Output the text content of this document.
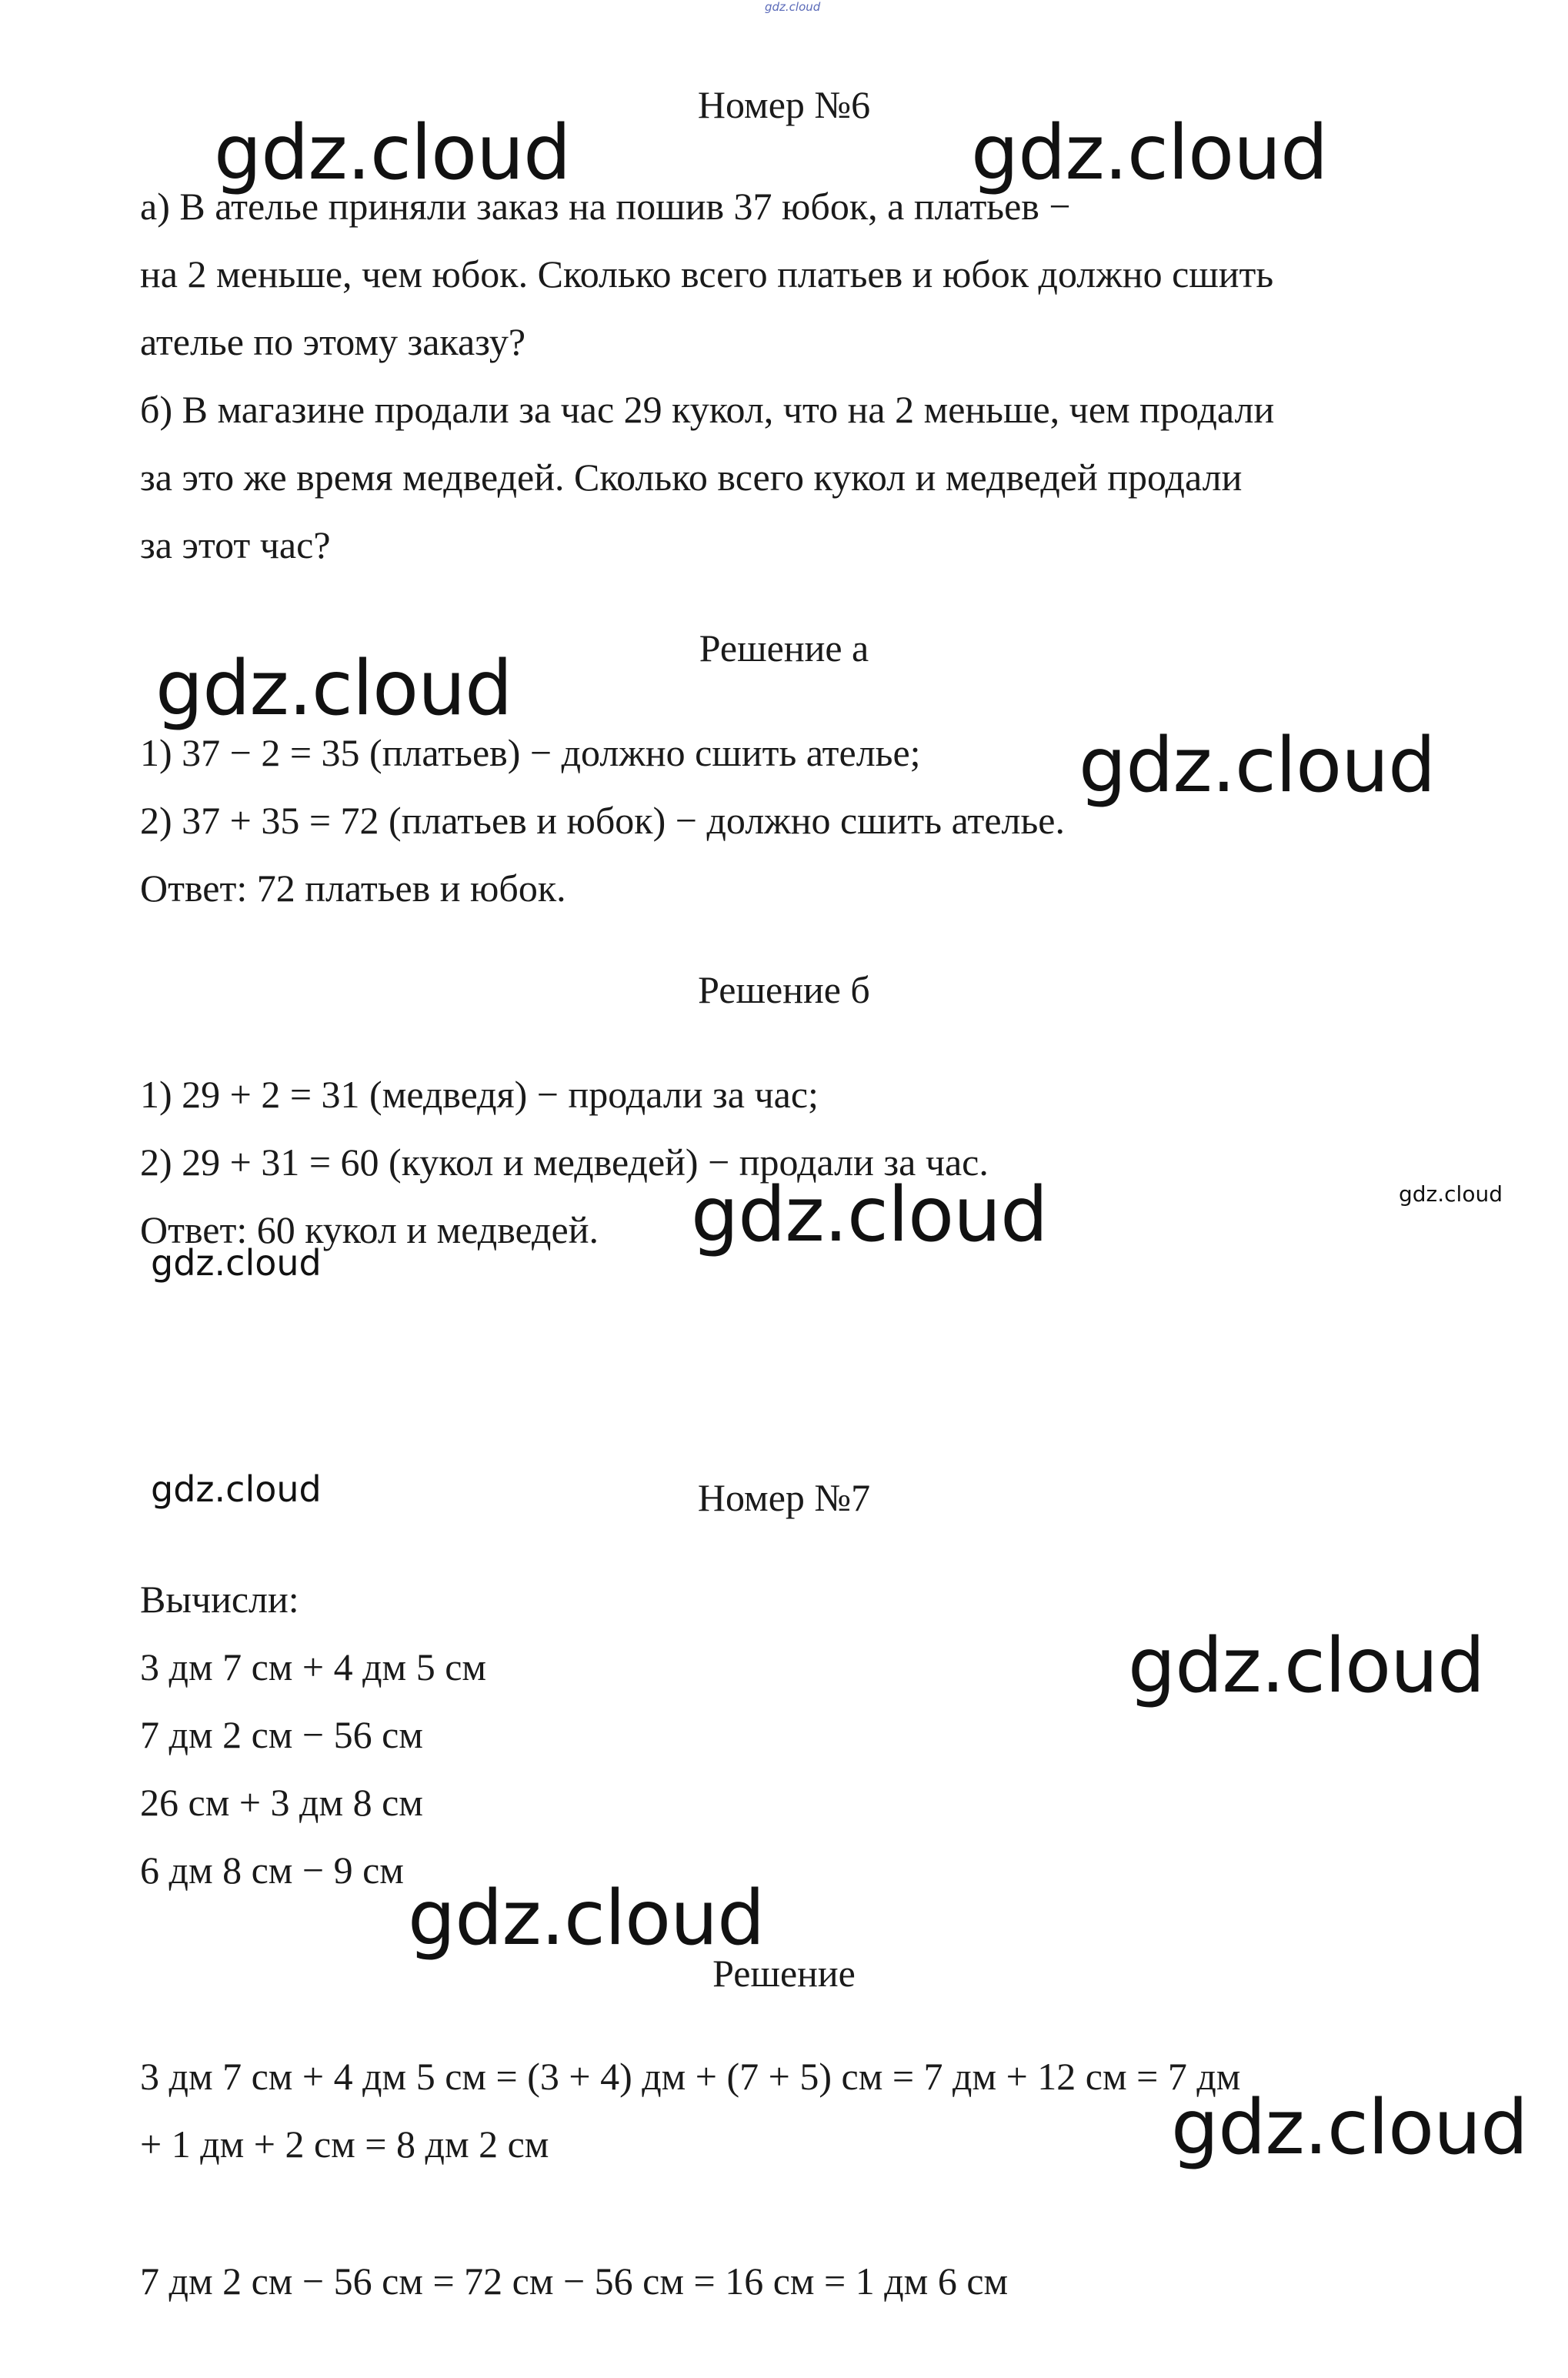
gdz.cloud
Номер №6
а) В ателье приняли заказ на пошив 37 юбок, а платьев −
на 2 меньше, чем юбок. Сколько всего платьев и юбок должно сшить
ателье по этому заказу?
б) В магазине продали за час 29 кукол, что на 2 меньше, чем продали
за это же время медведей. Сколько всего кукол и медведей продали
за этот час?
Решение а
1) 37 − 2 = 35 (платьев) − должно сшить ателье;
2) 37 + 35 = 72 (платьев и юбок) − должно сшить ателье.
Ответ: 72 платьев и юбок.
Решение б
1) 29 + 2 = 31 (медведя) − продали за час;
2) 29 + 31 = 60 (кукол и медведей) − продали за час.
Ответ: 60 кукол и медведей.
Номер №7
Вычисли:
3 дм 7 см + 4 дм 5 см
7 дм 2 см − 56 см
26 см + 3 дм 8 см
6 дм 8 см − 9 см
Решение
3 дм 7 см + 4 дм 5 см = (3 + 4) дм + (7 + 5) см = 7 дм + 12 см = 7 дм
+ 1 дм + 2 см = 8 дм 2 см
7 дм 2 см − 56 см = 72 см − 56 см = 16 см = 1 дм 6 см
gdz.cloud	gdz.cloud
gdz.cloud
gdz.cloud
gdz.cloud	gdz.cloud
gdz.cloud
gdz.cloud
gdz.cloud
gdz.cloud
gdz.cloud
